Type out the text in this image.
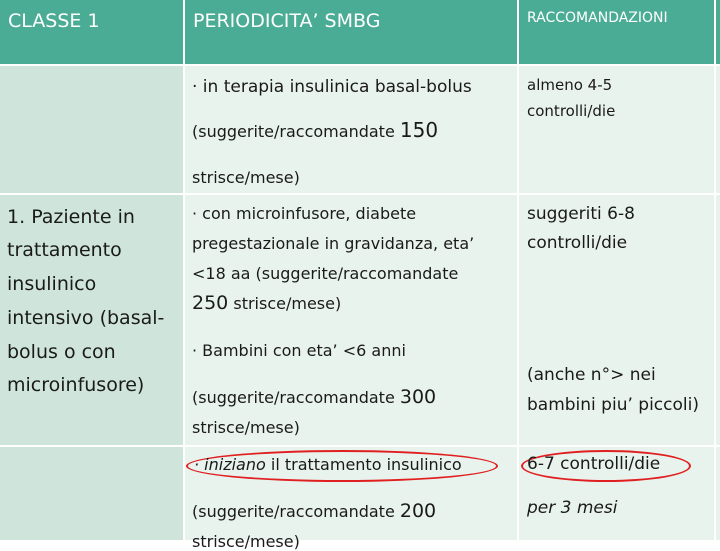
CLASSE 1	PERIODICITA’ SMBG	RACCOMANDAZIONI
· in terapia insulinica basal-bolus
(suggerite/raccomandate 150
strisce/mese)
almeno 4-5
controlli/die
1. Paziente in
trattamento
insulinico
intensivo (basal-
bolus o con
microinfusore)
· con microinfusore, diabete
pregestazionale in gravidanza, eta’
<18 aa (suggerite/raccomandate
250 strisce/mese)
· Bambini con eta’ <6 anni
(suggerite/raccomandate 300
strisce/mese)
suggeriti 6-8
controlli/die
(anche n°> nei
bambini piu’ piccoli)
· iniziano il trattamento insulinico
(suggerite/raccomandate 200
strisce/mese)
6-7 controlli/die
per 3 mesi
